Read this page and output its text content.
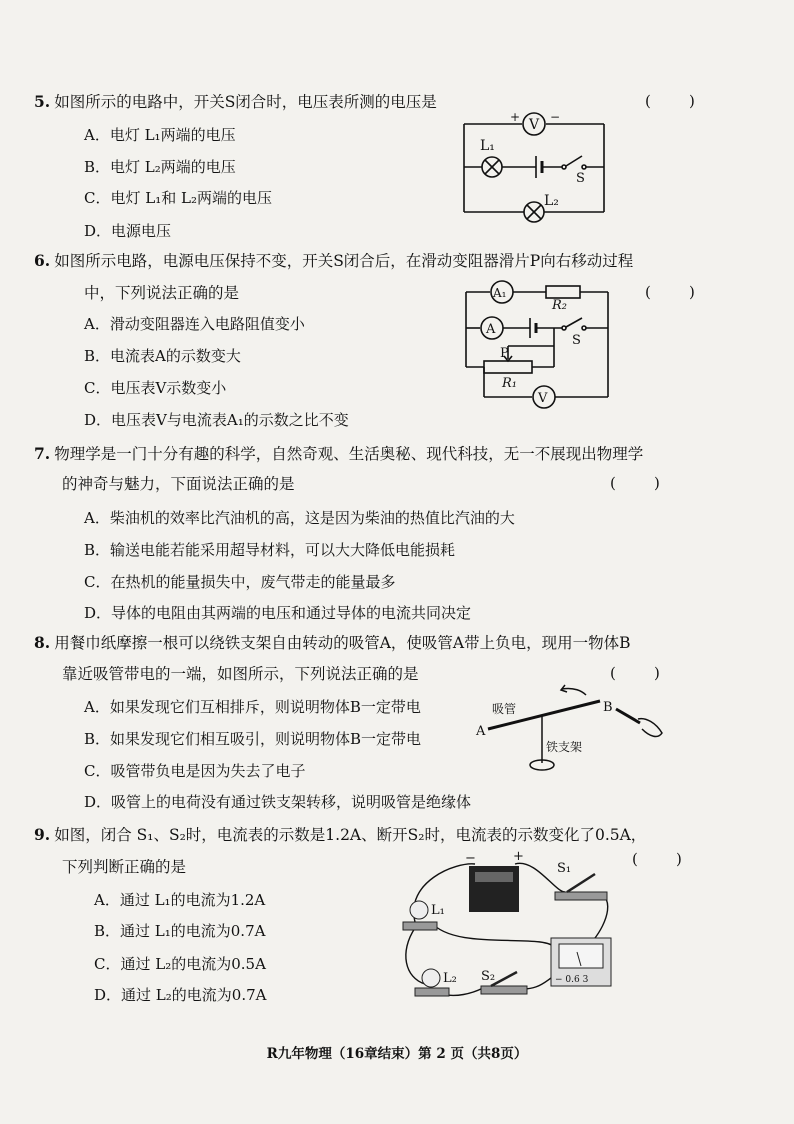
5. 如图所示的电路中，开关S闭合时，电压表所测的电压是	(        )
A．电灯 L₁两端的电压
B．电灯 L₂两端的电压
C．电灯 L₁和 L₂两端的电压
D．电源电压
V
+ −
L₁
S
L₂
6. 如图所示电路，电源电压保持不变，开关S闭合后，在滑动变阻器滑片P向右移动过程
中，下列说法正确的是	(        )
A．滑动变阻器连入电路阻值变小
B．电流表A的示数变大
C．电压表V示数变小
D．电压表V与电流表A₁的示数之比不变
A₁
R₂
A
S
P
R₁
V
7. 物理学是一门十分有趣的科学，自然奇观、生活奥秘、现代科技，无一不展现出物理学
的神奇与魅力，下面说法正确的是	(        )
A．柴油机的效率比汽油机的高，这是因为柴油的热值比汽油的大
B．输送电能若能采用超导材料，可以大大降低电能损耗
C．在热机的能量损失中，废气带走的能量最多
D．导体的电阻由其两端的电压和通过导体的电流共同决定
8. 用餐巾纸摩擦一根可以绕铁支架自由转动的吸管A，使吸管A带上负电，现用一物体B
靠近吸管带电的一端，如图所示，下列说法正确的是	(        )
A．如果发现它们互相排斥，则说明物体B一定带电
B．如果发现它们相互吸引，则说明物体B一定带电
C．吸管带负电是因为失去了电子
D．吸管上的电荷没有通过铁支架转移，说明吸管是绝缘体
吸管
A
B
铁支架
9. 如图，闭合 S₁、S₂时，电流表的示数是1.2A、断开S₂时，电流表的示数变化了0.5A，
下列判断正确的是	(        )
A．通过 L₁的电流为1.2A
B．通过 L₁的电流为0.7A
C．通过 L₂的电流为0.5A
D．通过 L₂的电流为0.7A
−	+
S₁
L₁
L₂ S₂	− 0.6 3
R九年物理（16章结束）第 2 页（共8页）
